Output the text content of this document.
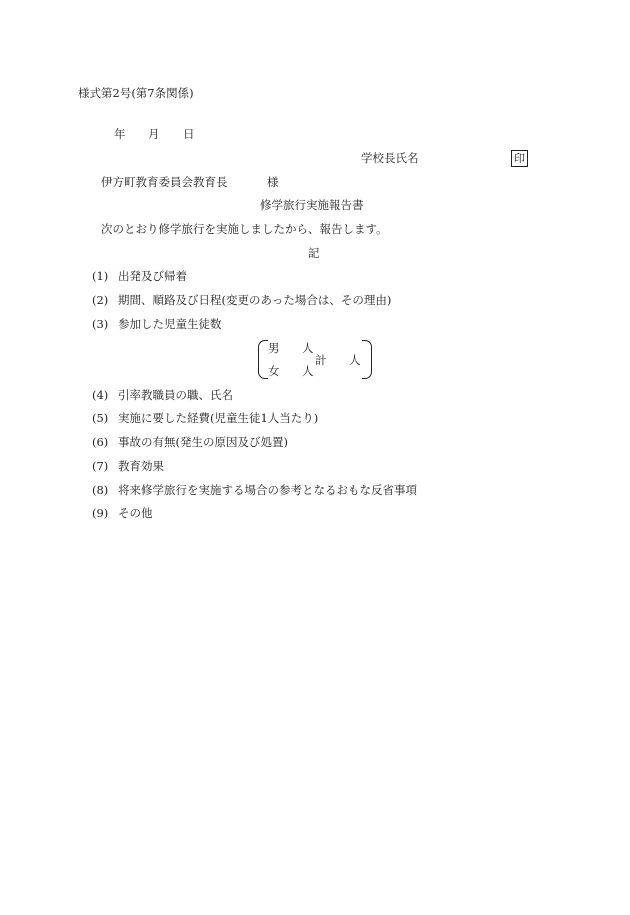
様式第2号(第7条関係)
年 月 日
学校長氏名	印
伊方町教育委員会教育長	様
修学旅行実施報告書
次のとおり修学旅行を実施しましたから、報告します。
記
(1) 出発及び帰着
(2) 期間、順路及び日程(変更のあった場合は、その理由)
(3) 参加した児童生徒数
男 人
計 人
女 人
(4) 引率教職員の職、氏名
(5) 実施に要した経費(児童生徒1人当たり)
(6) 事故の有無(発生の原因及び処置)
(7) 教育効果
(8) 将来修学旅行を実施する場合の参考となるおもな反省事項
(9) その他
